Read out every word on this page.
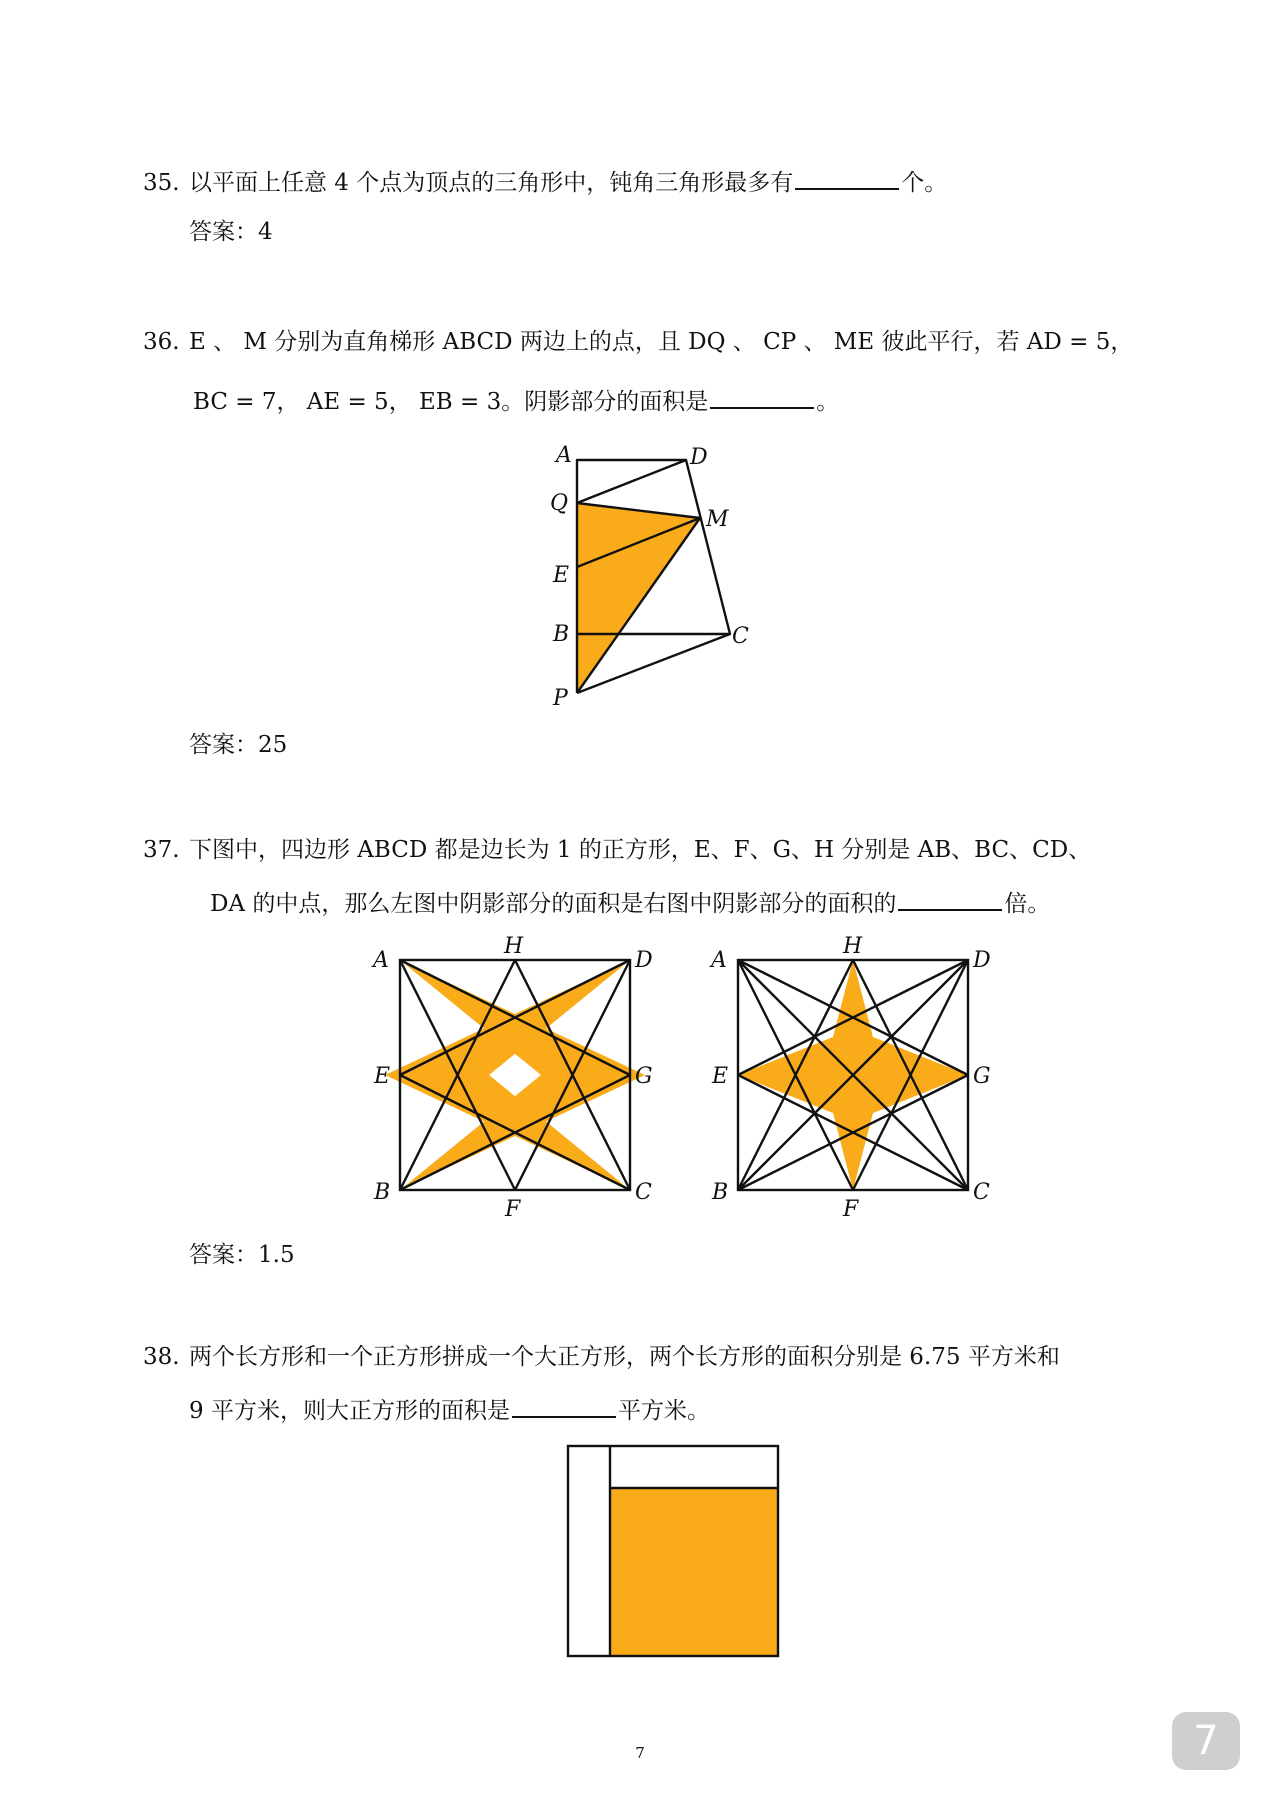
35. 以平面上任意 4 个点为顶点的三角形中，钝角三角形最多有	个。
答案：4
36. E 、 M 分别为直角梯形 ABCD 两边上的点，且 DQ 、 CP 、 ME 彼此平行，若 AD = 5，
BC = 7， AE = 5， EB = 3。阴影部分的面积是	。
A	D
Q
M
E
B	C
P
答案：25
37. 下图中，四边形 ABCD 都是边长为 1 的正方形，E、F、G、H 分别是 AB、BC、CD、
DA 的中点，那么左图中阴影部分的面积是右图中阴影部分的面积的	倍。
A
H
D
E	G
B
F
C
A
H
D
E	G
B
F
C
答案：1.5
38. 两个长方形和一个正方形拼成一个大正方形，两个长方形的面积分别是 6.75 平方米和
9 平方米，则大正方形的面积是	平方米。
7	7
